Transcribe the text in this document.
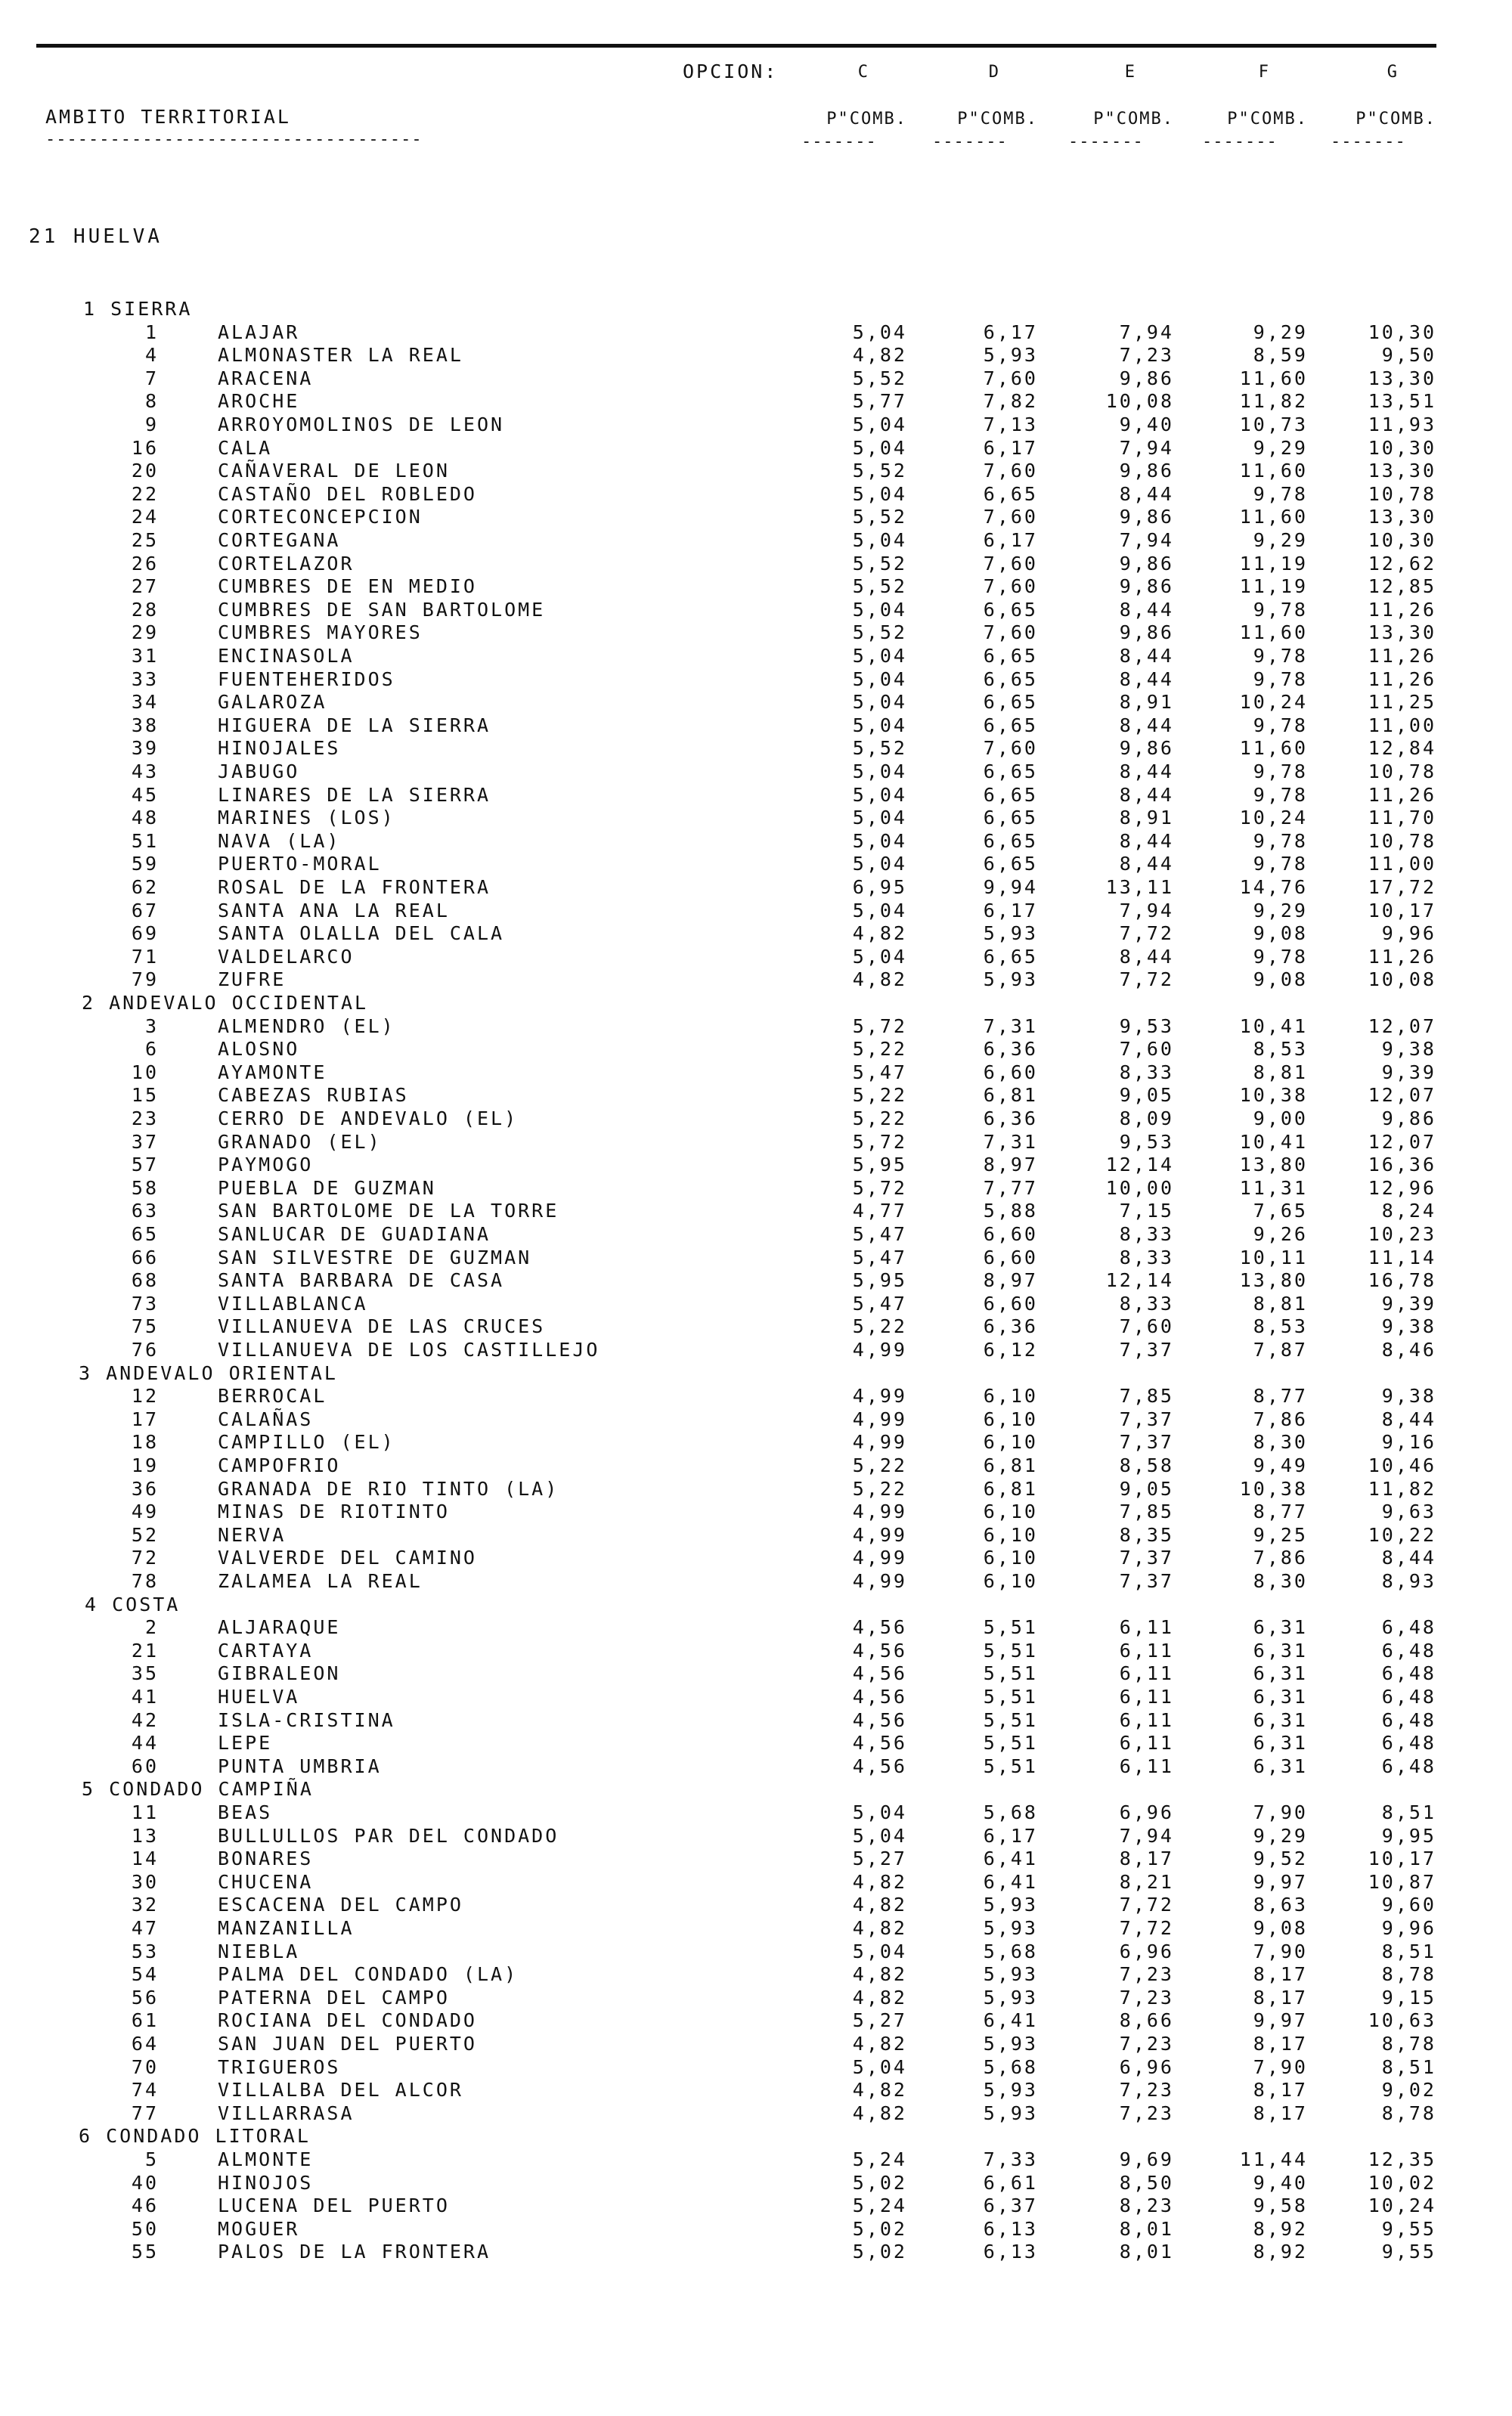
OPCION:	C	D	E	F	G
AMBITO TERRITORIAL
-----------------------------------
P"COMB.	P"COMB.	P"COMB.	P"COMB.	P"COMB.
-------	-------	-------	-------	-------
21 HUELVA
1 SIERRA
1	ALAJAR	5,04	6,17	7,94	9,29	10,30
4	ALMONASTER LA REAL	4,82	5,93	7,23	8,59	9,50
7	ARACENA	5,52	7,60	9,86	11,60	13,30
8	AROCHE	5,77	7,82	10,08	11,82	13,51
9	ARROYOMOLINOS DE LEON	5,04	7,13	9,40	10,73	11,93
16	CALA	5,04	6,17	7,94	9,29	10,30
20	CAÑAVERAL DE LEON	5,52	7,60	9,86	11,60	13,30
22	CASTAÑO DEL ROBLEDO	5,04	6,65	8,44	9,78	10,78
24	CORTECONCEPCION	5,52	7,60	9,86	11,60	13,30
25	CORTEGANA	5,04	6,17	7,94	9,29	10,30
26	CORTELAZOR	5,52	7,60	9,86	11,19	12,62
27	CUMBRES DE EN MEDIO	5,52	7,60	9,86	11,19	12,85
28	CUMBRES DE SAN BARTOLOME	5,04	6,65	8,44	9,78	11,26
29	CUMBRES MAYORES	5,52	7,60	9,86	11,60	13,30
31	ENCINASOLA	5,04	6,65	8,44	9,78	11,26
33	FUENTEHERIDOS	5,04	6,65	8,44	9,78	11,26
34	GALAROZA	5,04	6,65	8,91	10,24	11,25
38	HIGUERA DE LA SIERRA	5,04	6,65	8,44	9,78	11,00
39	HINOJALES	5,52	7,60	9,86	11,60	12,84
43	JABUGO	5,04	6,65	8,44	9,78	10,78
45	LINARES DE LA SIERRA	5,04	6,65	8,44	9,78	11,26
48	MARINES (LOS)	5,04	6,65	8,91	10,24	11,70
51	NAVA (LA)	5,04	6,65	8,44	9,78	10,78
59	PUERTO-MORAL	5,04	6,65	8,44	9,78	11,00
62	ROSAL DE LA FRONTERA	6,95	9,94	13,11	14,76	17,72
67	SANTA ANA LA REAL	5,04	6,17	7,94	9,29	10,17
69	SANTA OLALLA DEL CALA	4,82	5,93	7,72	9,08	9,96
71	VALDELARCO	5,04	6,65	8,44	9,78	11,26
79	ZUFRE	4,82	5,93	7,72	9,08	10,08
2 ANDEVALO OCCIDENTAL
3	ALMENDRO (EL)	5,72	7,31	9,53	10,41	12,07
6	ALOSNO	5,22	6,36	7,60	8,53	9,38
10	AYAMONTE	5,47	6,60	8,33	8,81	9,39
15	CABEZAS RUBIAS	5,22	6,81	9,05	10,38	12,07
23	CERRO DE ANDEVALO (EL)	5,22	6,36	8,09	9,00	9,86
37	GRANADO (EL)	5,72	7,31	9,53	10,41	12,07
57	PAYMOGO	5,95	8,97	12,14	13,80	16,36
58	PUEBLA DE GUZMAN	5,72	7,77	10,00	11,31	12,96
63	SAN BARTOLOME DE LA TORRE	4,77	5,88	7,15	7,65	8,24
65	SANLUCAR DE GUADIANA	5,47	6,60	8,33	9,26	10,23
66	SAN SILVESTRE DE GUZMAN	5,47	6,60	8,33	10,11	11,14
68	SANTA BARBARA DE CASA	5,95	8,97	12,14	13,80	16,78
73	VILLABLANCA	5,47	6,60	8,33	8,81	9,39
75	VILLANUEVA DE LAS CRUCES	5,22	6,36	7,60	8,53	9,38
76	VILLANUEVA DE LOS CASTILLEJO	4,99	6,12	7,37	7,87	8,46
3 ANDEVALO ORIENTAL
12	BERROCAL	4,99	6,10	7,85	8,77	9,38
17	CALAÑAS	4,99	6,10	7,37	7,86	8,44
18	CAMPILLO (EL)	4,99	6,10	7,37	8,30	9,16
19	CAMPOFRIO	5,22	6,81	8,58	9,49	10,46
36	GRANADA DE RIO TINTO (LA)	5,22	6,81	9,05	10,38	11,82
49	MINAS DE RIOTINTO	4,99	6,10	7,85	8,77	9,63
52	NERVA	4,99	6,10	8,35	9,25	10,22
72	VALVERDE DEL CAMINO	4,99	6,10	7,37	7,86	8,44
78	ZALAMEA LA REAL	4,99	6,10	7,37	8,30	8,93
4 COSTA
2	ALJARAQUE	4,56	5,51	6,11	6,31	6,48
21	CARTAYA	4,56	5,51	6,11	6,31	6,48
35	GIBRALEON	4,56	5,51	6,11	6,31	6,48
41	HUELVA	4,56	5,51	6,11	6,31	6,48
42	ISLA-CRISTINA	4,56	5,51	6,11	6,31	6,48
44	LEPE	4,56	5,51	6,11	6,31	6,48
60	PUNTA UMBRIA	4,56	5,51	6,11	6,31	6,48
5 CONDADO CAMPIÑA
11	BEAS	5,04	5,68	6,96	7,90	8,51
13	BULLULLOS PAR DEL CONDADO	5,04	6,17	7,94	9,29	9,95
14	BONARES	5,27	6,41	8,17	9,52	10,17
30	CHUCENA	4,82	6,41	8,21	9,97	10,87
32	ESCACENA DEL CAMPO	4,82	5,93	7,72	8,63	9,60
47	MANZANILLA	4,82	5,93	7,72	9,08	9,96
53	NIEBLA	5,04	5,68	6,96	7,90	8,51
54	PALMA DEL CONDADO (LA)	4,82	5,93	7,23	8,17	8,78
56	PATERNA DEL CAMPO	4,82	5,93	7,23	8,17	9,15
61	ROCIANA DEL CONDADO	5,27	6,41	8,66	9,97	10,63
64	SAN JUAN DEL PUERTO	4,82	5,93	7,23	8,17	8,78
70	TRIGUEROS	5,04	5,68	6,96	7,90	8,51
74	VILLALBA DEL ALCOR	4,82	5,93	7,23	8,17	9,02
77	VILLARRASA	4,82	5,93	7,23	8,17	8,78
6 CONDADO LITORAL
5	ALMONTE	5,24	7,33	9,69	11,44	12,35
40	HINOJOS	5,02	6,61	8,50	9,40	10,02
46	LUCENA DEL PUERTO	5,24	6,37	8,23	9,58	10,24
50	MOGUER	5,02	6,13	8,01	8,92	9,55
55	PALOS DE LA FRONTERA	5,02	6,13	8,01	8,92	9,55
